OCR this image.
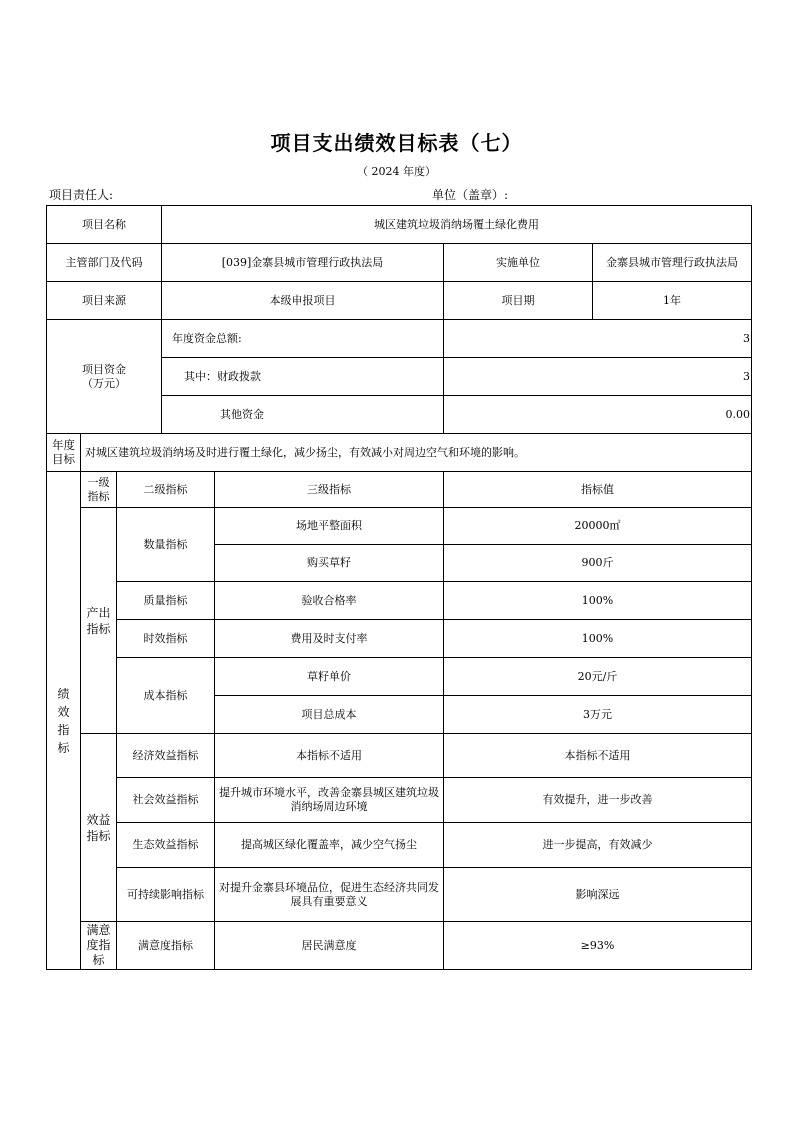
项目支出绩效目标表（七）
（ 2024 年度）
项目责任人:	单位（盖章）:
项目名称			城区建筑垃圾消纳场覆土绿化费用			
主管部门及代码			[039]金寨县城市管理行政执法局		实施单位	金寨县城市管理行政执法局
项目来源			本级申报项目		项目期	1年
项目资金（万元）			年度资金总额:		3	
			其中：财政拨款		3	
			其他资金		0.00	
年度目标	对城区建筑垃圾消纳场及时进行覆土绿化，减少扬尘，有效减小对周边空气和环境的影响。					
绩效指标	一级指标	二级指标		三级指标	指标值	
	产出指标	数量指标		场地平整面积	20000㎡	
				购买草籽	900斤	
		质量指标		验收合格率	100%	
		时效指标		费用及时支付率	100%	
		成本指标		草籽单价	20元/斤	
				项目总成本	3万元	
	效益指标	经济效益指标		本指标不适用	本指标不适用	
		社会效益指标		提升城市环境水平，改善金寨县城区建筑垃圾消纳场周边环境	有效提升，进一步改善	
		生态效益指标		提高城区绿化覆盖率，减少空气扬尘	进一步提高，有效减少	
		可持续影响指标		对提升金寨县环境品位，促进生态经济共同发展具有重要意义	影响深远	
	满意度指标	满意度指标		居民满意度	≥93%	
